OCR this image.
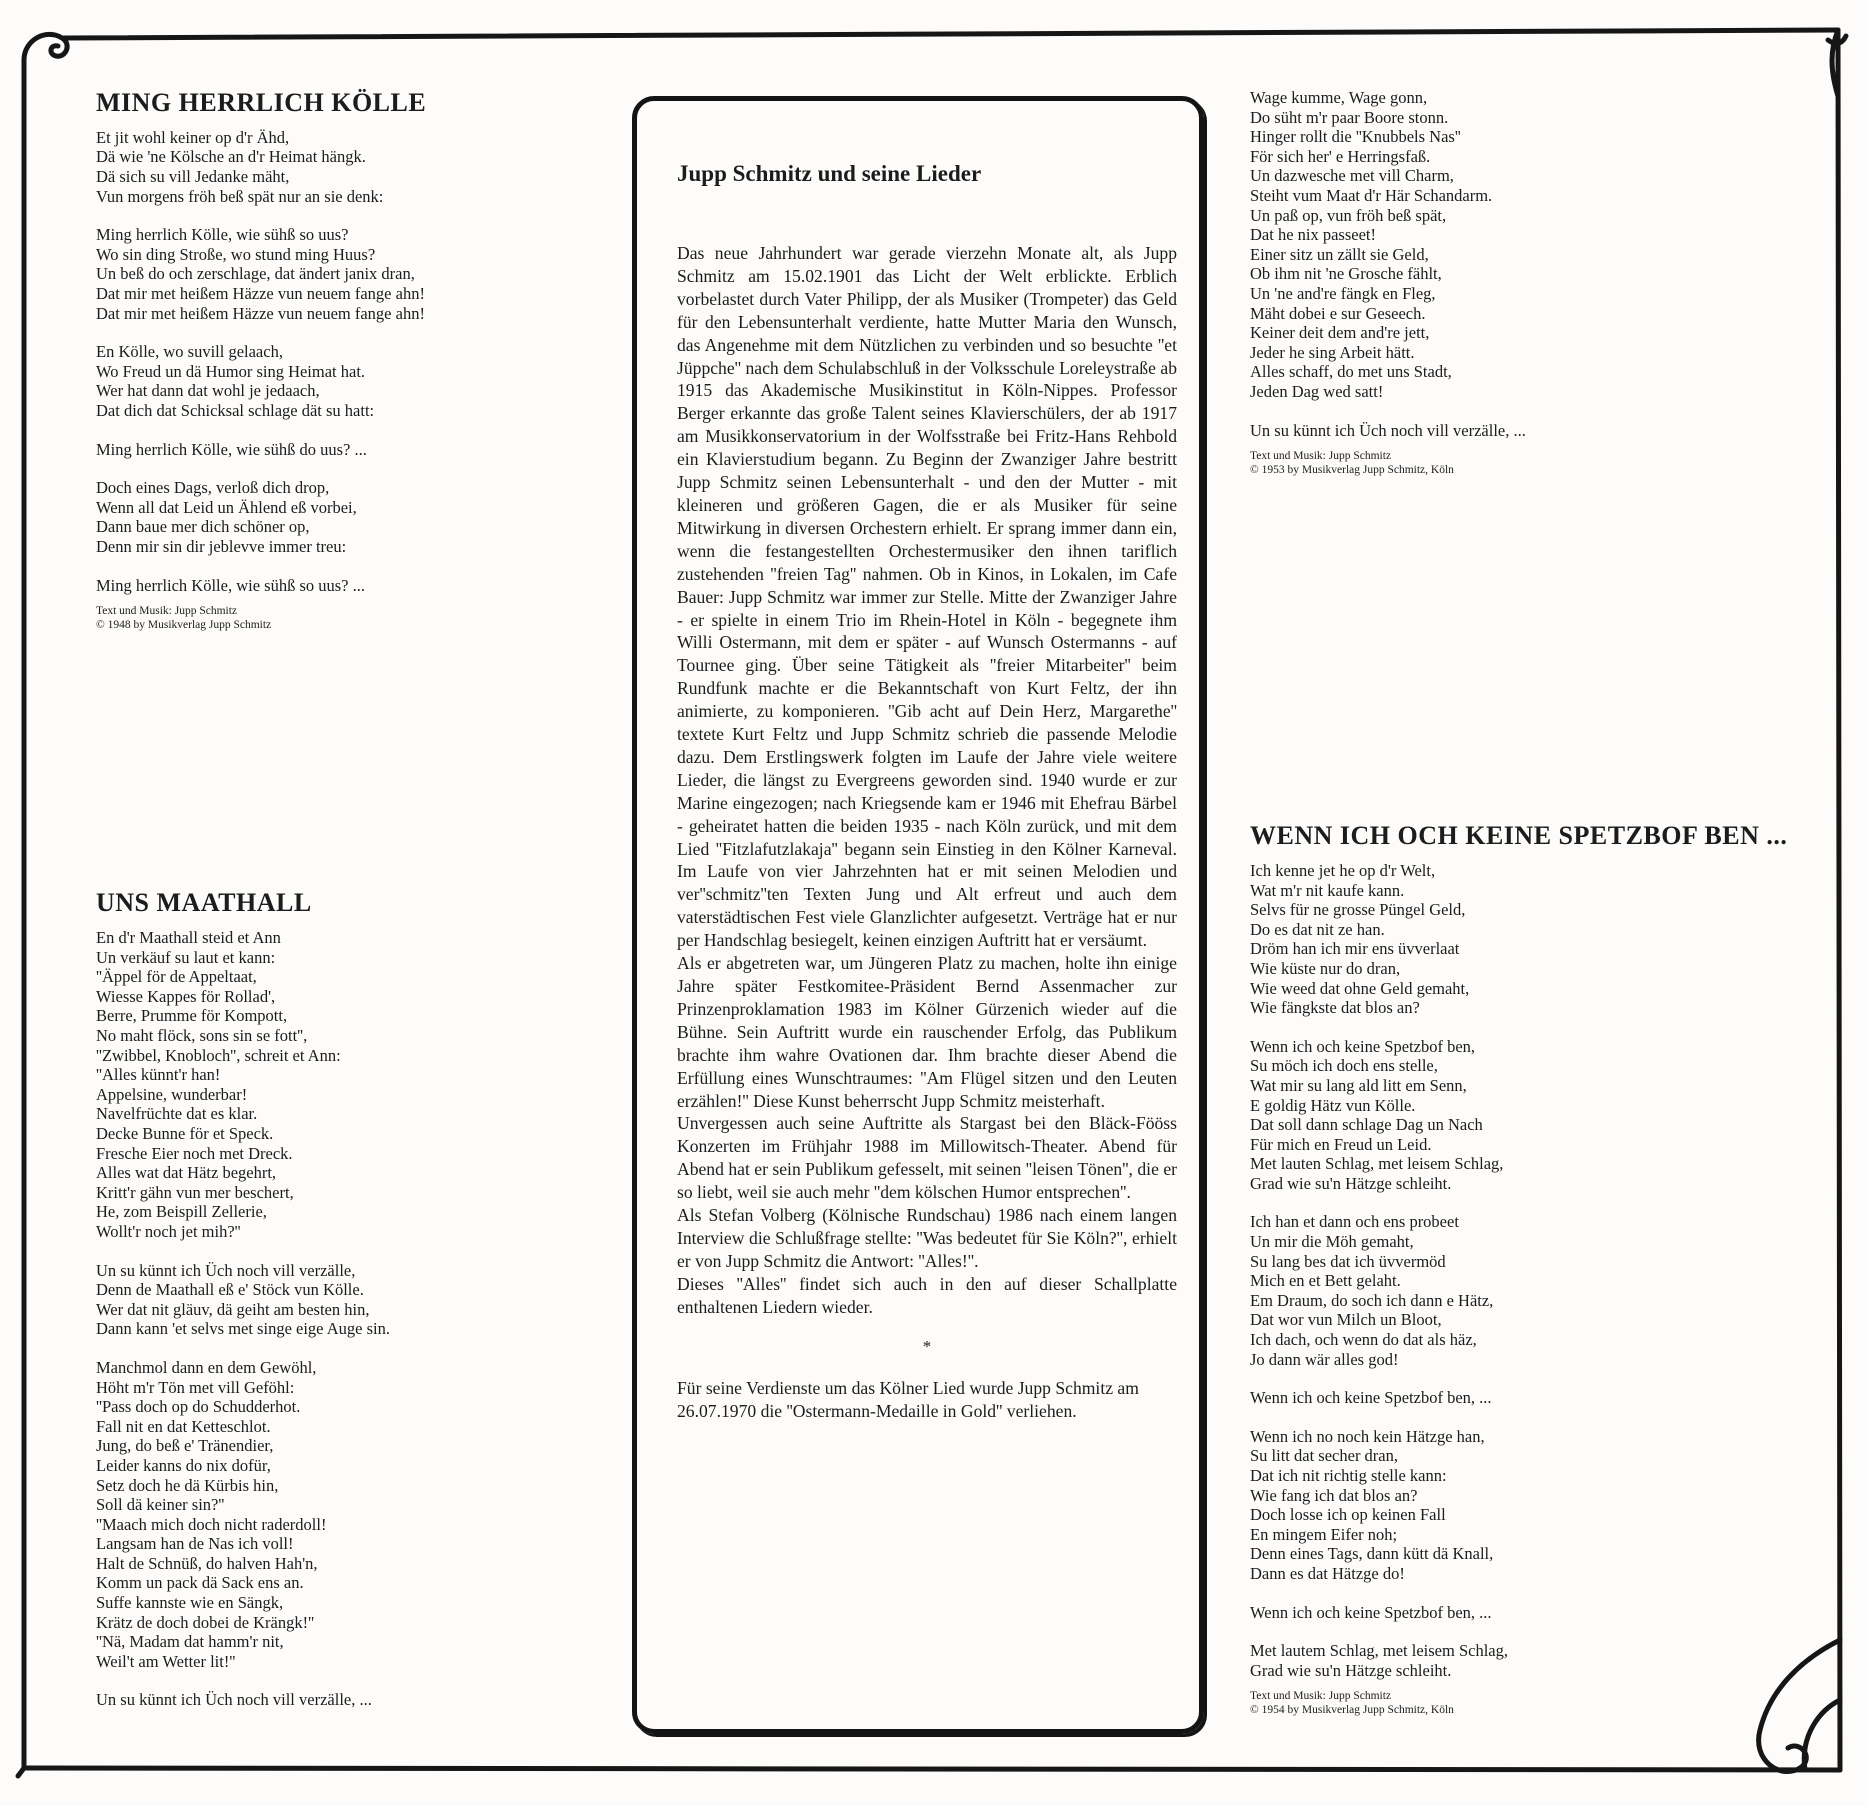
MING HERRLICH KÖLLE
Et jit wohl keiner op d'r Ähd,
Dä wie 'ne Kölsche an d'r Heimat hängk.
Dä sich su vill Jedanke mäht,
Vun morgens fröh beß spät nur an sie denk:
Ming herrlich Kölle, wie sühß so uus?
Wo sin ding Stroße, wo stund ming Huus?
Un beß do och zerschlage, dat ändert janix dran,
Dat mir met heißem Häzze vun neuem fange ahn!
Dat mir met heißem Häzze vun neuem fange ahn!
En Kölle, wo suvill gelaach,
Wo Freud un dä Humor sing Heimat hat.
Wer hat dann dat wohl je jedaach,
Dat dich dat Schicksal schlage dät su hatt:
Ming herrlich Kölle, wie sühß do uus? ...
Doch eines Dags, verloß dich drop,
Wenn all dat Leid un Ählend eß vorbei,
Dann baue mer dich schöner op,
Denn mir sin dir jeblevve immer treu:
Ming herrlich Kölle, wie sühß so uus? ...
Text und Musik: Jupp Schmitz
© 1948 by Musikverlag Jupp Schmitz
UNS MAATHALL
En d'r Maathall steid et Ann
Un verkäuf su laut et kann:
''Äppel för de Appeltaat,
Wiesse Kappes för Rollad',
Berre, Prumme för Kompott,
No maht flöck, sons sin se fott'',
''Zwibbel, Knobloch'', schreit et Ann:
''Alles künnt'r han!
Appelsine, wunderbar!
Navelfrüchte dat es klar.
Decke Bunne för et Speck.
Fresche Eier noch met Dreck.
Alles wat dat Hätz begehrt,
Kritt'r gähn vun mer beschert,
He, zom Beispill Zellerie,
Wollt'r noch jet mih?''
Un su künnt ich Üch noch vill verzälle,
Denn de Maathall eß e' Stöck vun Kölle.
Wer dat nit gläuv, dä geiht am besten hin,
Dann kann 'et selvs met singe eige Auge sin.
Manchmol dann en dem Gewöhl,
Höht m'r Tön met vill Geföhl:
''Pass doch op do Schudderhot.
Fall nit en dat Ketteschlot.
Jung, do beß e' Tränendier,
Leider kanns do nix dofür,
Setz doch he dä Kürbis hin,
Soll dä keiner sin?''
''Maach mich doch nicht raderdoll!
Langsam han de Nas ich voll!
Halt de Schnüß, do halven Hah'n,
Komm un pack dä Sack ens an.
Suffe kannste wie en Sängk,
Krätz de doch dobei de Krängk!''
''Nä, Madam dat hamm'r nit,
Weil't am Wetter lit!''
Un su künnt ich Üch noch vill verzälle, ...
Jupp Schmitz und seine Lieder

Das neue Jahrhundert war gerade vierzehn Monate alt, als Jupp Schmitz am 15.02.1901 das Licht der Welt erblickte. Erblich vorbelastet durch Vater Philipp, der als Musiker (Trompeter) das Geld für den Lebensunterhalt verdiente, hatte Mutter Maria den Wunsch, das Angenehme mit dem Nützlichen zu verbinden und so besuchte ''et Jüppche'' nach dem Schulabschluß in der Volksschule Loreleystraße ab 1915 das Akademische Musikinstitut in Köln-Nippes. Professor Berger erkannte das große Talent seines Klavierschülers, der ab 1917 am Musikkonservatorium in der Wolfsstraße bei Fritz-Hans Rehbold ein Klavierstudium begann. Zu Beginn der Zwanziger Jahre bestritt Jupp Schmitz seinen Lebensunterhalt - und den der Mutter - mit kleineren und größeren Gagen, die er als Musiker für seine Mitwirkung in diversen Orchestern erhielt. Er sprang immer dann ein, wenn die festangestellten Orchestermusiker den ihnen tariflich zustehenden ''freien Tag'' nahmen. Ob in Kinos, in Lokalen, im Cafe Bauer: Jupp Schmitz war immer zur Stelle. Mitte der Zwanziger Jahre - er spielte in einem Trio im Rhein-Hotel in Köln - begegnete ihm Willi Ostermann, mit dem er später - auf Wunsch Ostermanns - auf Tournee ging. Über seine Tätigkeit als ''freier Mitarbeiter'' beim Rundfunk machte er die Bekanntschaft von Kurt Feltz, der ihn animierte, zu komponieren. ''Gib acht auf Dein Herz, Margarethe'' textete Kurt Feltz und Jupp Schmitz schrieb die passende Melodie dazu. Dem Erstlingswerk folgten im Laufe der Jahre viele weitere Lieder, die längst zu Evergreens geworden sind. 1940 wurde er zur Marine eingezogen; nach Kriegsende kam er 1946 mit Ehefrau Bärbel - geheiratet hatten die beiden 1935 - nach Köln zurück, und mit dem Lied ''Fitzlafutzlakaja'' begann sein Einstieg in den Kölner Karneval. Im Laufe von vier Jahrzehnten hat er mit seinen Melodien und ver''schmitz''ten Texten Jung und Alt erfreut und auch dem vaterstädtischen Fest viele Glanzlichter aufgesetzt. Verträge hat er nur per Handschlag besiegelt, keinen einzigen Auftritt hat er versäumt.

Als er abgetreten war, um Jüngeren Platz zu machen, holte ihn einige Jahre später Festkomitee-Präsident Bernd Assenmacher zur Prinzenproklamation 1983 im Kölner Gürzenich wieder auf die Bühne. Sein Auftritt wurde ein rauschender Erfolg, das Publikum brachte ihm wahre Ovationen dar. Ihm brachte dieser Abend die Erfüllung eines Wunschtraumes: ''Am Flügel sitzen und den Leuten erzählen!'' Diese Kunst beherrscht Jupp Schmitz meisterhaft.

Unvergessen auch seine Auftritte als Stargast bei den Bläck-Fööss Konzerten im Frühjahr 1988 im Millowitsch-Theater. Abend für Abend hat er sein Publikum gefesselt, mit seinen ''leisen Tönen'', die er so liebt, weil sie auch mehr ''dem kölschen Humor entsprechen''.

Als Stefan Volberg (Kölnische Rundschau) 1986 nach einem langen Interview die Schlußfrage stellte: ''Was bedeutet für Sie Köln?'', erhielt er von Jupp Schmitz die Antwort: ''Alles!''.

Dieses ''Alles'' findet sich auch in den auf dieser Schallplatte enthaltenen Liedern wieder.

*
Für seine Verdienste um das Kölner Lied wurde Jupp Schmitz am 26.07.1970 die ''Ostermann-Medaille in Gold'' verliehen.
Wage kumme, Wage gonn,
Do süht m'r paar Boore stonn.
Hinger rollt die ''Knubbels Nas''
För sich her' e Herringsfaß.
Un dazwesche met vill Charm,
Steiht vum Maat d'r Här Schandarm.
Un paß op, vun fröh beß spät,
Dat he nix passeet!
Einer sitz un zällt sie Geld,
Ob ihm nit 'ne Grosche fählt,
Un 'ne and're fängk en Fleg,
Mäht dobei e sur Geseech.
Keiner deit dem and're jett,
Jeder he sing Arbeit hätt.
Alles schaff, do met uns Stadt,
Jeden Dag wed satt!
Un su künnt ich Üch noch vill verzälle, ...
Text und Musik: Jupp Schmitz
© 1953 by Musikverlag Jupp Schmitz, Köln
WENN ICH OCH KEINE SPETZBOF BEN ...
Ich kenne jet he op d'r Welt,
Wat m'r nit kaufe kann.
Selvs für ne grosse Püngel Geld,
Do es dat nit ze han.
Dröm han ich mir ens üvverlaat
Wie küste nur do dran,
Wie weed dat ohne Geld gemaht,
Wie fängkste dat blos an?
Wenn ich och keine Spetzbof ben,
Su möch ich doch ens stelle,
Wat mir su lang ald litt em Senn,
E goldig Hätz vun Kölle.
Dat soll dann schlage Dag un Nach
Für mich en Freud un Leid.
Met lauten Schlag, met leisem Schlag,
Grad wie su'n Hätzge schleiht.
Ich han et dann och ens probeet
Un mir die Möh gemaht,
Su lang bes dat ich üvvermöd
Mich en et Bett gelaht.
Em Draum, do soch ich dann e Hätz,
Dat wor vun Milch un Bloot,
Ich dach, och wenn do dat als häz,
Jo dann wär alles god!
Wenn ich och keine Spetzbof ben, ...
Wenn ich no noch kein Hätzge han,
Su litt dat secher dran,
Dat ich nit richtig stelle kann:
Wie fang ich dat blos an?
Doch losse ich op keinen Fall
En mingem Eifer noh;
Denn eines Tags, dann kütt dä Knall,
Dann es dat Hätzge do!
Wenn ich och keine Spetzbof ben, ...
Met lautem Schlag, met leisem Schlag,
Grad wie su'n Hätzge schleiht.
Text und Musik: Jupp Schmitz
© 1954 by Musikverlag Jupp Schmitz, Köln
